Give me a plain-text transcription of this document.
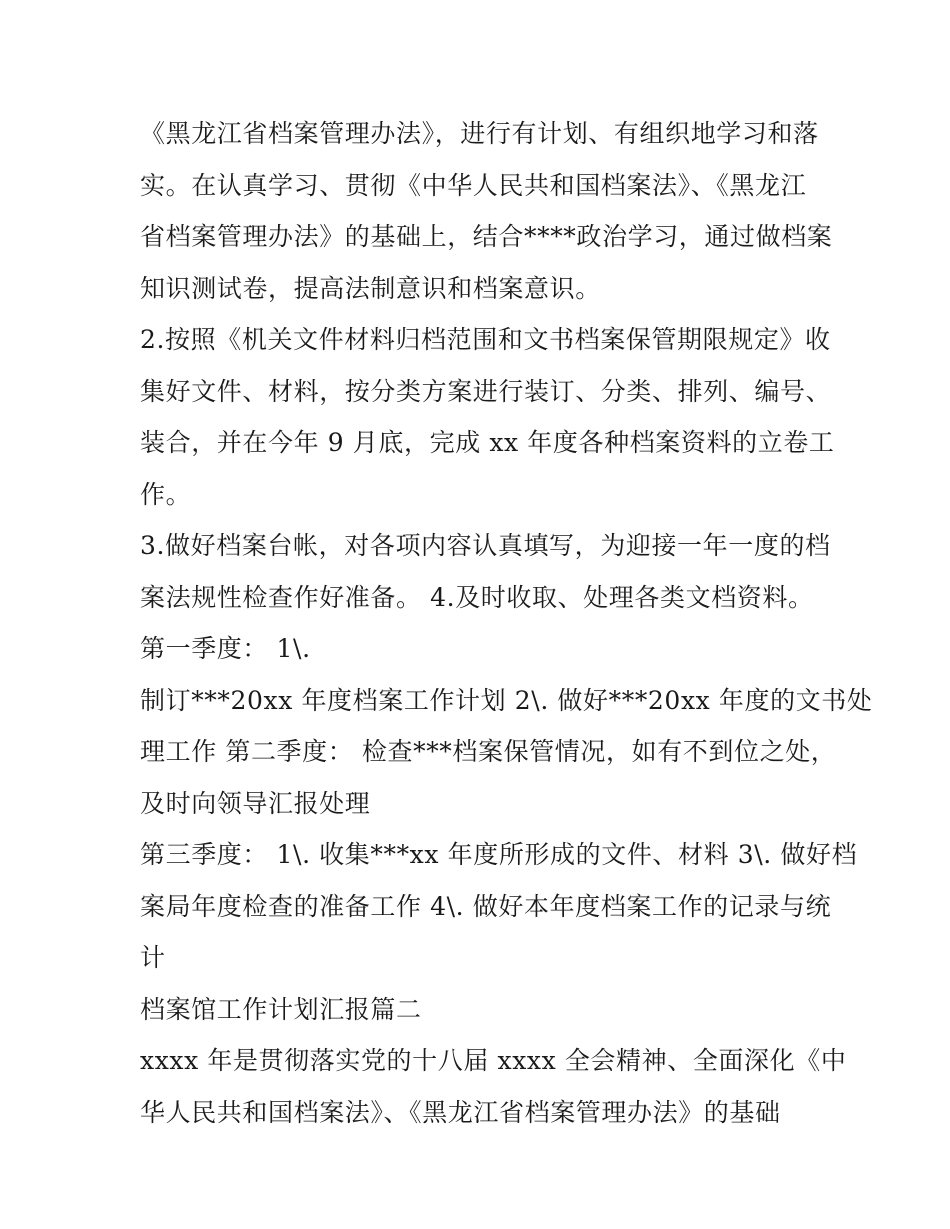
《黑龙江省档案管理办法》，进行有计划、有组织地学习和落
实。在认真学习、贯彻《中华人民共和国档案法》、《黑龙江
省档案管理办法》的基础上，结合****政治学习，通过做档案
知识测试卷，提高法制意识和档案意识。
2.按照《机关文件材料归档范围和文书档案保管期限规定》收
集好文件、材料，按分类方案进行装订、分类、排列、编号、
装合，并在今年 9 月底，完成 xx 年度各种档案资料的立卷工
作。
3.做好档案台帐，对各项内容认真填写，为迎接一年一度的档
案法规性检查作好准备。 4.及时收取、处理各类文档资料。
第一季度： 1\.
制订***20xx 年度档案工作计划 2\. 做好***20xx 年度的文书处
理工作 第二季度： 检查***档案保管情况，如有不到位之处，
及时向领导汇报处理
第三季度： 1\. 收集***xx 年度所形成的文件、材料 3\. 做好档
案局年度检查的准备工作 4\. 做好本年度档案工作的记录与统
计
档案馆工作计划汇报篇二
xxxx 年是贯彻落实党的十八届 xxxx 全会精神、全面深化《中
华人民共和国档案法》、《黑龙江省档案管理办法》的基础
